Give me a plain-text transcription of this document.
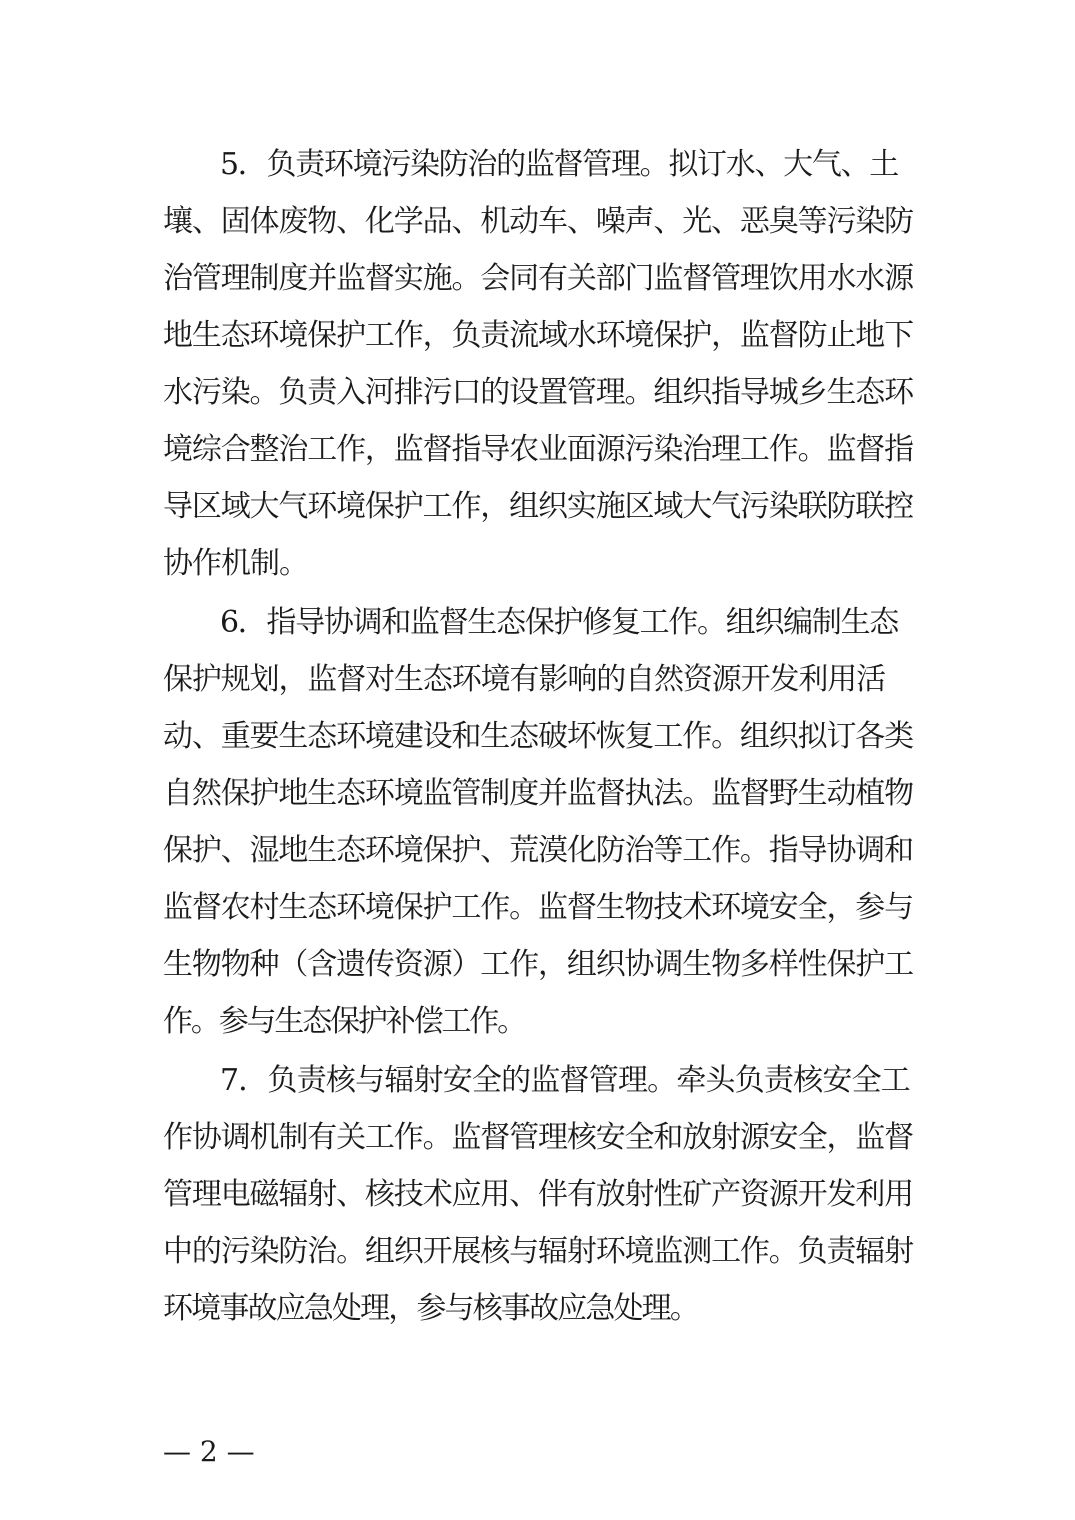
5．负责环境污染防治的监督管理。拟订水、大气、土
壤、固体废物、化学品、机动车、噪声、光、恶臭等污染防
治管理制度并监督实施。会同有关部门监督管理饮用水水源
地生态环境保护工作，负责流域水环境保护，监督防止地下
水污染。负责入河排污口的设置管理。组织指导城乡生态环
境综合整治工作，监督指导农业面源污染治理工作。监督指
导区域大气环境保护工作，组织实施区域大气污染联防联控
协作机制。
6．指导协调和监督生态保护修复工作。组织编制生态
保护规划，监督对生态环境有影响的自然资源开发利用活
动、重要生态环境建设和生态破坏恢复工作。组织拟订各类
自然保护地生态环境监管制度并监督执法。监督野生动植物
保护、湿地生态环境保护、荒漠化防治等工作。指导协调和
监督农村生态环境保护工作。监督生物技术环境安全，参与
生物物种（含遗传资源）工作，组织协调生物多样性保护工
作。参与生态保护补偿工作。
7．负责核与辐射安全的监督管理。牵头负责核安全工
作协调机制有关工作。监督管理核安全和放射源安全，监督
管理电磁辐射、核技术应用、伴有放射性矿产资源开发利用
中的污染防治。组织开展核与辐射环境监测工作。负责辐射
环境事故应急处理，参与核事故应急处理。
— 2 —
